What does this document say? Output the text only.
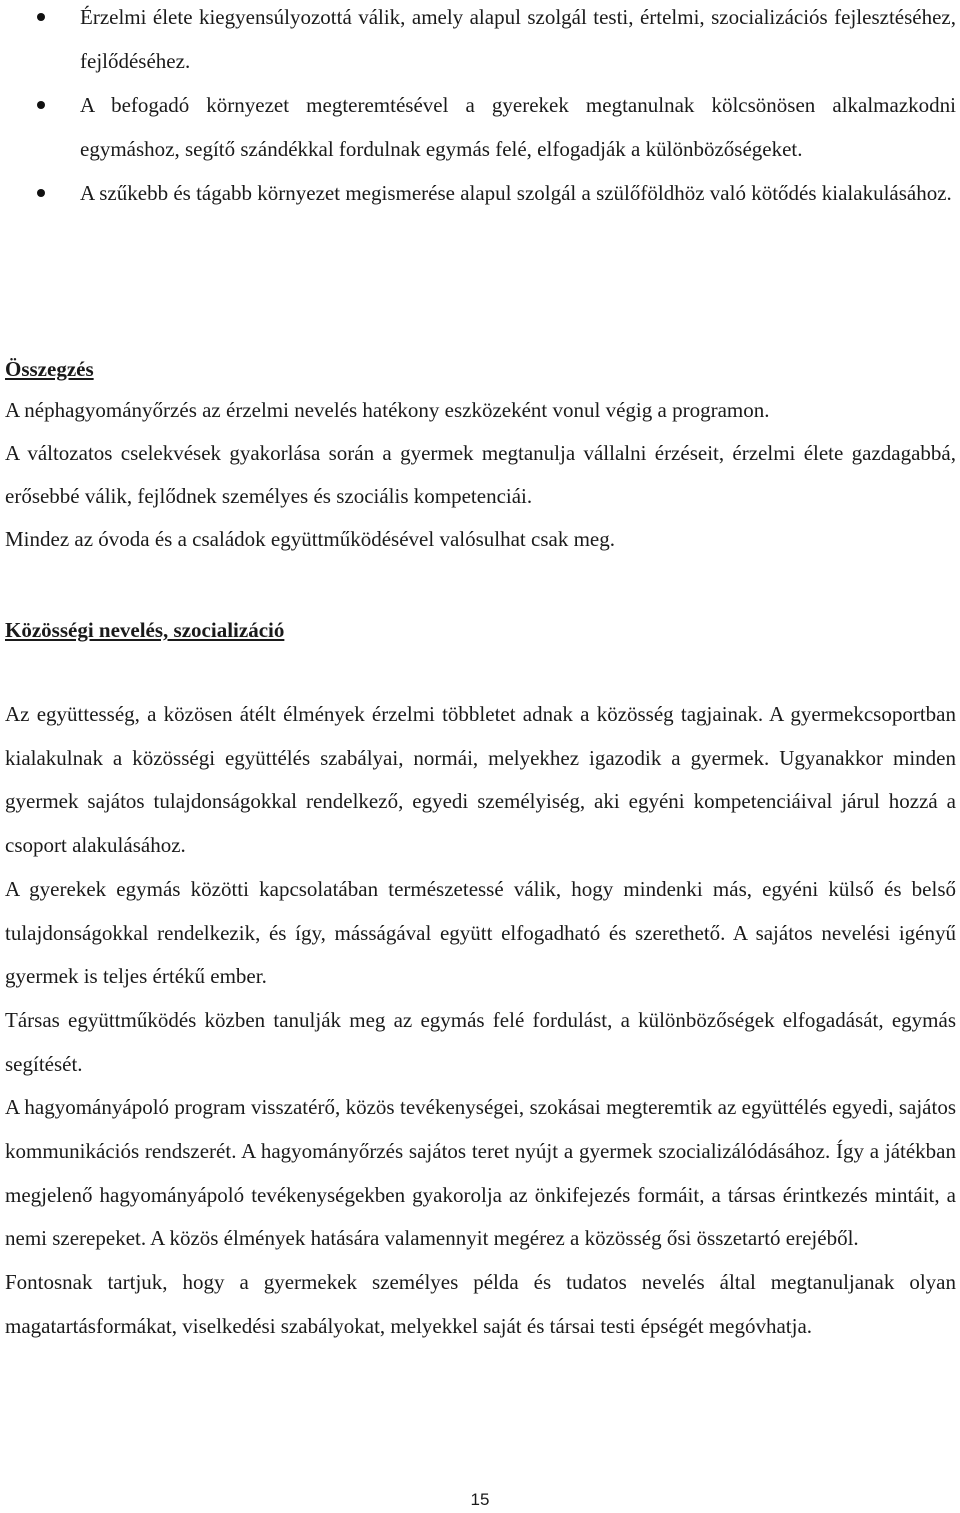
Érzelmi élete kiegyensúlyozottá válik, amely alapul szolgál testi, értelmi, szocializációs fejlesztéséhez, fejlődéséhez.
A befogadó környezet megteremtésével a gyerekek megtanulnak kölcsönösen alkalmazkodni egymáshoz, segítő szándékkal fordulnak egymás felé, elfogadják a különbözőségeket.
A szűkebb és tágabb környezet megismerése alapul szolgál a szülőföldhöz való kötődés kialakulásához.
Összegzés

A néphagyományőrzés az érzelmi nevelés hatékony eszközeként vonul végig a programon.

A változatos cselekvések gyakorlása során a gyermek megtanulja vállalni érzéseit, érzelmi élete gazdagabbá, erősebbé válik, fejlődnek személyes és szociális kompetenciái.

Mindez az óvoda és a családok együttműködésével valósulhat csak meg.

Közösségi nevelés, szocializáció

Az együttesség, a közösen átélt élmények érzelmi többletet adnak a közösség tagjainak. A gyermekcsoportban kialakulnak a közösségi együttélés szabályai, normái, melyekhez igazodik a gyermek. Ugyanakkor minden gyermek sajátos tulajdonságokkal rendelkező, egyedi személyiség, aki egyéni kompetenciáival járul hozzá a csoport alakulásához.

A gyerekek egymás közötti kapcsolatában természetessé válik, hogy mindenki más, egyéni külső és belső tulajdonságokkal rendelkezik, és így, másságával együtt elfogadható és szerethető. A sajátos nevelési igényű gyermek is teljes értékű ember.

Társas együttműködés közben tanulják meg az egymás felé fordulást, a különbözőségek elfogadását, egymás segítését.

A hagyományápoló program visszatérő, közös tevékenységei, szokásai megteremtik az együttélés egyedi, sajátos kommunikációs rendszerét. A hagyományőrzés sajátos teret nyújt a gyermek szocializálódásához. Így a játékban megjelenő hagyományápoló tevékenységekben gyakorolja az önkifejezés formáit, a társas érintkezés mintáit, a nemi szerepeket. A közös élmények hatására valamennyit megérez a közösség ősi összetartó erejéből.

Fontosnak tartjuk, hogy a gyermekek személyes példa és tudatos nevelés által megtanuljanak olyan magatartásformákat, viselkedési szabályokat, melyekkel saját és társai testi épségét megóvhatja.

15
